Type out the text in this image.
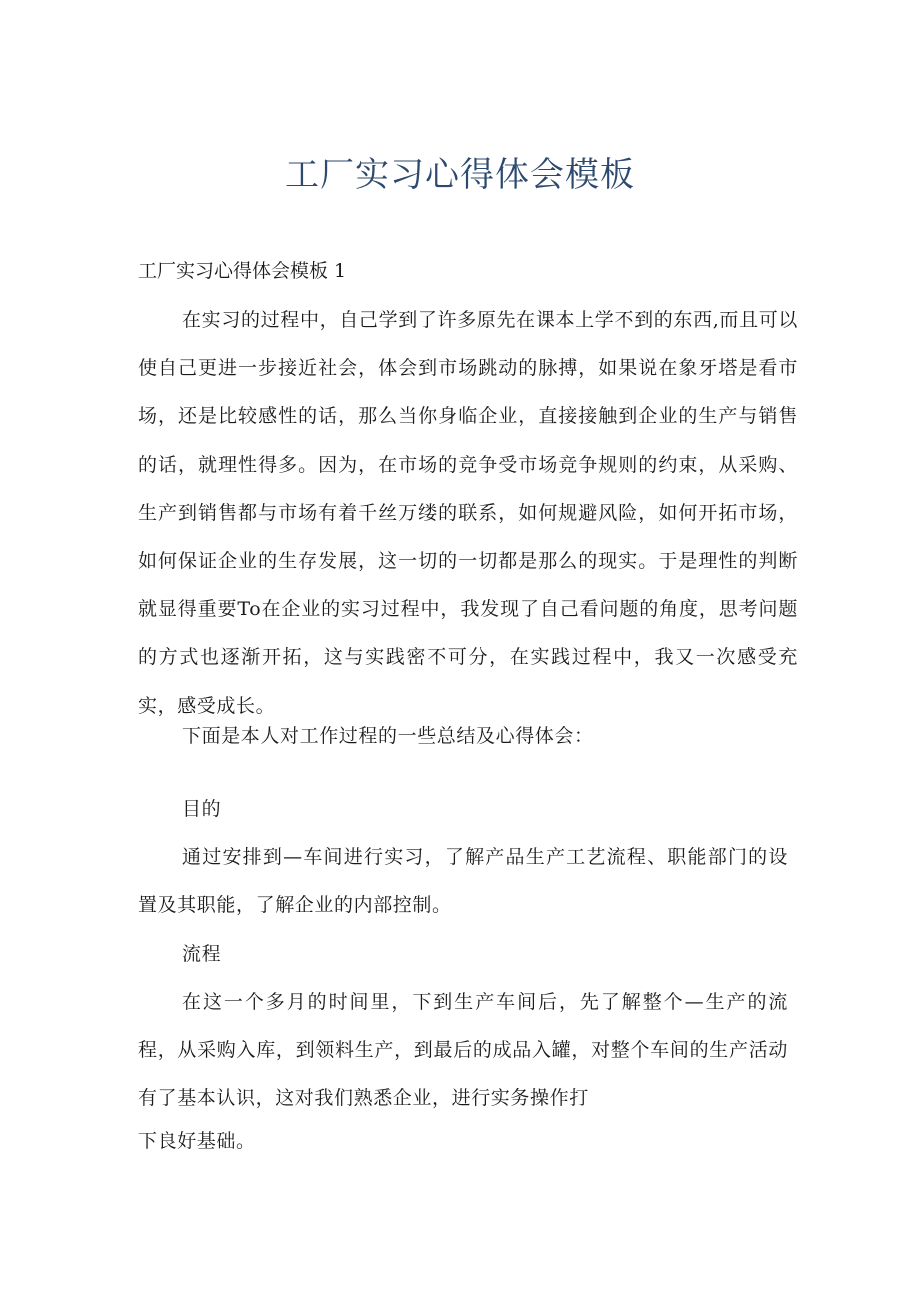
工厂实习心得体会模板

工厂实习心得体会模板 1

在实习的过程中，自己学到了许多原先在课本上学不到的东西,而且可以使自己更进一步接近社会，体会到市场跳动的脉搏，如果说在象牙塔是看市场，还是比较感性的话，那么当你身临企业，直接接触到企业的生产与销售的话，就理性得多。因为，在市场的竞争受市场竞争规则的约束，从采购、生产到销售都与市场有着千丝万缕的联系，如何规避风险，如何开拓市场，如何保证企业的生存发展，这一切的一切都是那么的现实。于是理性的判断就显得重要To在企业的实习过程中，我发现了自己看问题的角度，思考问题的方式也逐渐开拓，这与实践密不可分，在实践过程中，我又一次感受充实，感受成长。

下面是本人对工作过程的一些总结及心得体会：

目的

通过安排到—车间进行实习，了解产品生产工艺流程、职能部门的设置及其职能，了解企业的内部控制。

流程

在这一个多月的时间里，下到生产车间后，先了解整个—生产的流程，从采购入库，到领料生产，到最后的成品入罐，对整个车间的生产活动有了基本认识，这对我们熟悉企业，进行实务操作打

下良好基础。
